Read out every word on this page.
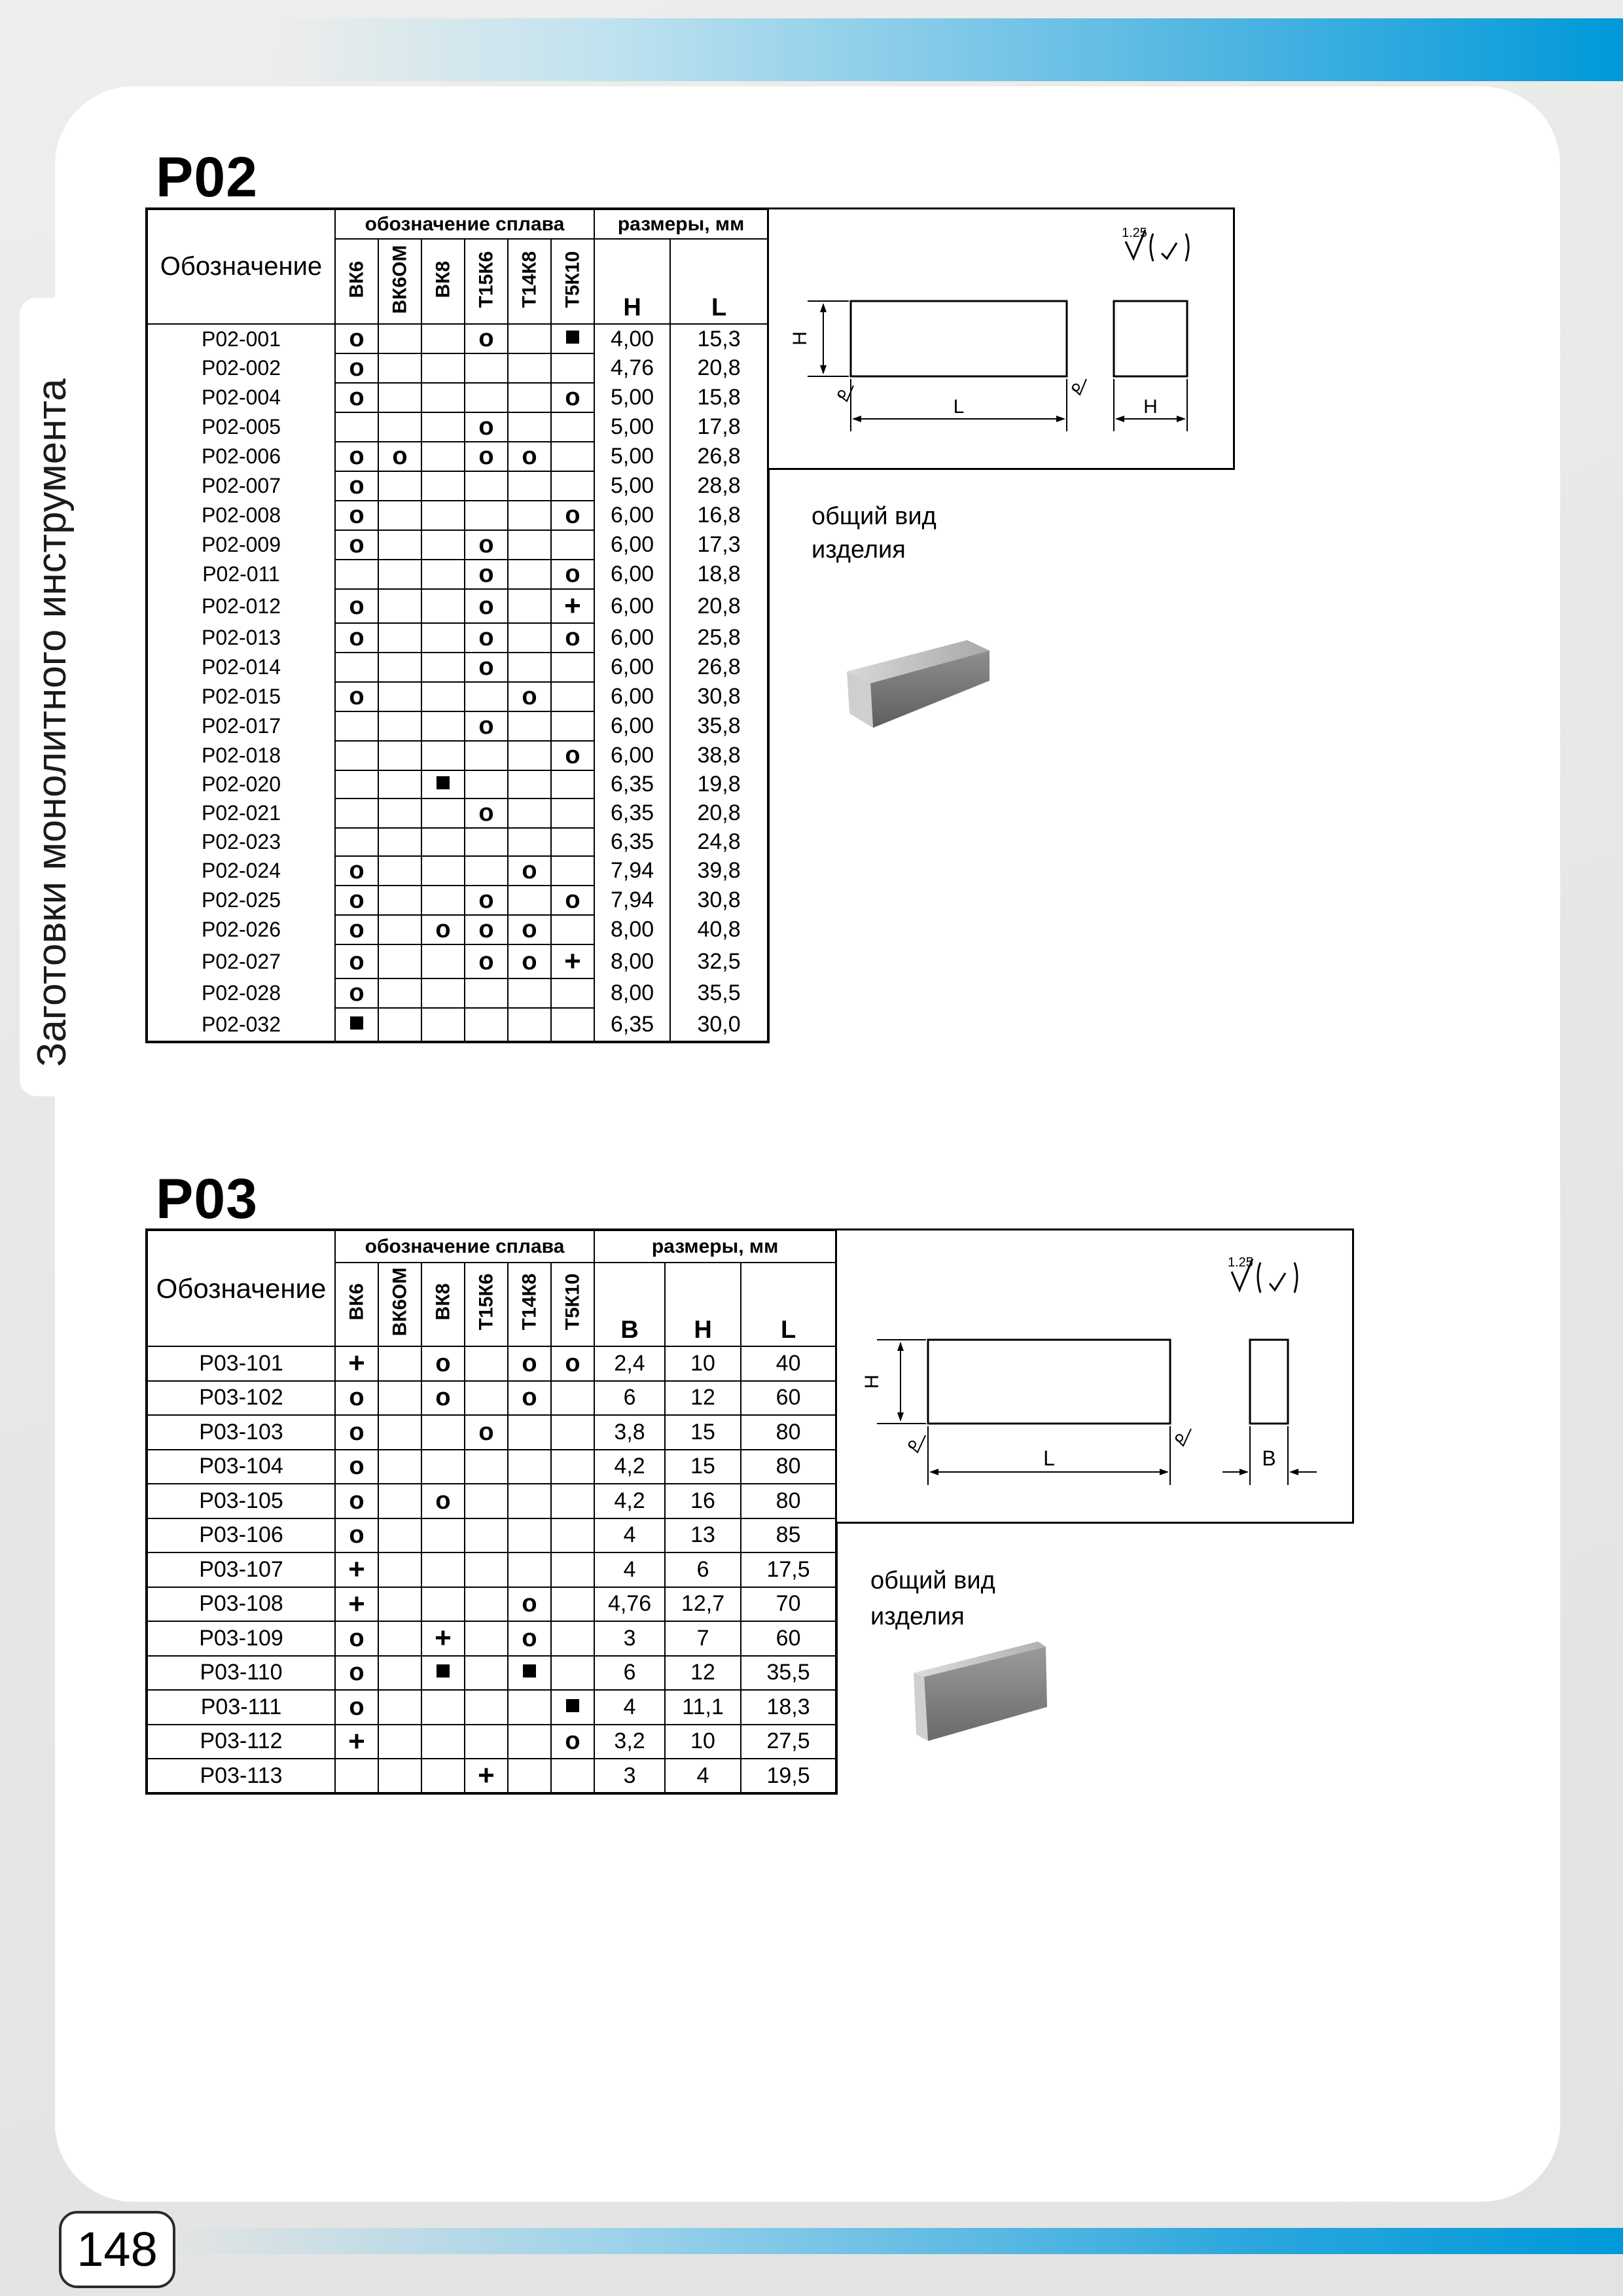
Заготовки монолитного инструмента
P02
Обозначение	обозначение сплава						размеры, мм	

	ВК6	ВК6ОМ	ВК8	Т15К6	Т14К8	Т5К10	H	L
P02-001	o			o			4,00	15,3
P02-002	o						4,76	20,8
P02-004	o					o	5,00	15,8
P02-005				o			5,00	17,8
P02-006	o	o		o	o		5,00	26,8
P02-007	o						5,00	28,8
P02-008	o					o	6,00	16,8
P02-009	o			o			6,00	17,3
P02-011				o		o	6,00	18,8
P02-012	o			o		+	6,00	20,8
P02-013	o			o		o	6,00	25,8
P02-014				o			6,00	26,8
P02-015	o				o		6,00	30,8
P02-017				o			6,00	35,8
P02-018						o	6,00	38,8
P02-020							6,35	19,8
P02-021				o			6,35	20,8
P02-023							6,35	24,8
P02-024	o				o		7,94	39,8
P02-025	o			o		o	7,94	30,8
P02-026	o		o	o	o		8,00	40,8
P02-027	o			o	o	+	8,00	32,5
P02-028	o						8,00	35,5
P02-032							6,35	30,0
1.25
H
L	H
общий вид
изделия
P03
Обозначение	обозначение сплава						размеры, мм		

	ВК6	ВК6ОМ	ВК8	Т15К6	Т14К8	Т5К10	B	H	L
P03-101	+		o		o	o	2,4	10	40
P03-102	o		o		o		6	12	60
P03-103	o			o			3,8	15	80
P03-104	o						4,2	15	80
P03-105	o		o				4,2	16	80
P03-106	o						4	13	85
P03-107	+						4	6	17,5
P03-108	+				o		4,76	12,7	70
P03-109	o		+		o		3	7	60
P03-110	o						6	12	35,5
P03-111	o						4	11,1	18,3
P03-112	+					o	3,2	10	27,5
P03-113				+			3	4	19,5
1.25
H
L	B
общий вид
изделия
148
